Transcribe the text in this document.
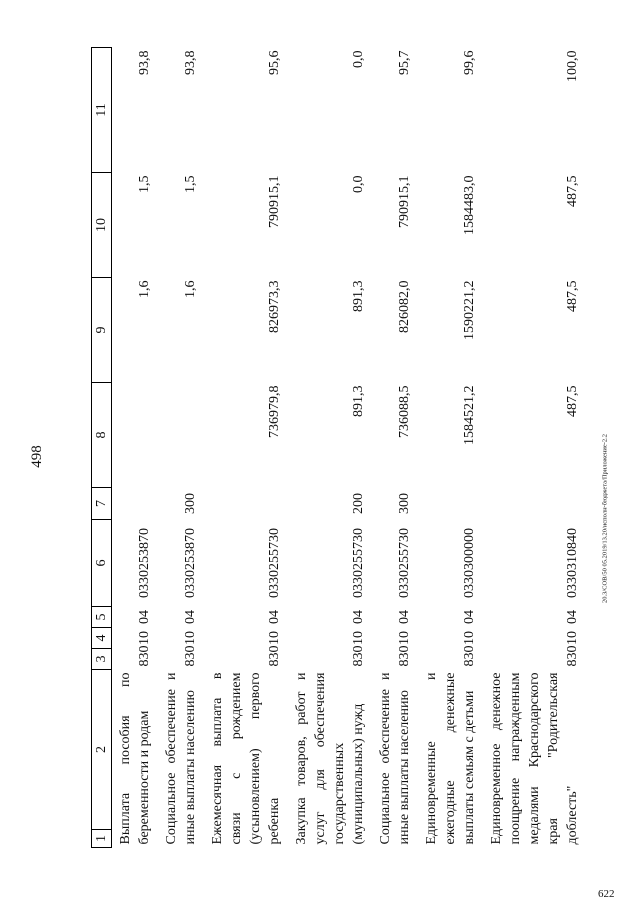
498	20.3/СОВ/50 05.2019/13.20/испoлн-бюджета/Приложение-2.2
622
1	2	3	4	5	6	7	8	9	10	11
Выплата пособия по беременности и родам		830	10	04	0330253870			1,6	1,5	93,8
Социальное обеспечение и иные выплаты населению		830	10	04	0330253870	300		1,6	1,5	93,8
Ежемесячная выплата в связи с рождением (усыновлением) первого ребенка		830	10	04	0330255730		736979,8	826973,3	790915,1	95,6
Закупка товаров, работ и услуг для обеспечения государственных (муниципальных) нужд		830	10	04	0330255730	200	891,3	891,3	0,0	0,0
Социальное обеспечение и иные выплаты населению		830	10	04	0330255730	300	736088,5	826082,0	790915,1	95,7
Единовременные и ежегодные денежные выплаты семьям с детьми		830	10	04	0330300000		1584521,2	1590221,2	1584483,0	99,6
Единовременное денежное поощрение награжденным медалями Краснодарского края "Родительская доблесть"		830	10	04	0330310840		487,5	487,5	487,5	100,0
